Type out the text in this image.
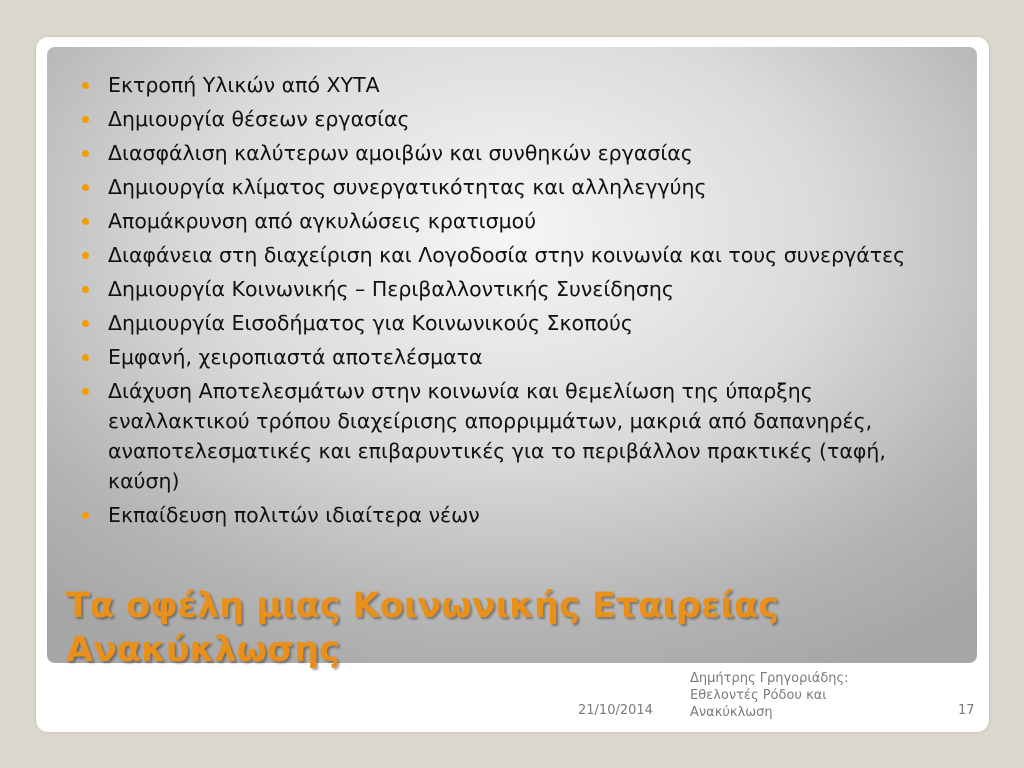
Εκτροπή Υλικών από ΧΥΤΑ
Δημιουργία θέσεων εργασίας
Διασφάλιση καλύτερων αμοιβών και συνθηκών εργασίας
Δημιουργία κλίματος συνεργατικότητας και αλληλεγγύης
Απομάκρυνση από αγκυλώσεις κρατισμού
Διαφάνεια στη διαχείριση και Λογοδοσία στην κοινωνία και τους συνεργάτες
Δημιουργία Κοινωνικής – Περιβαλλοντικής Συνείδησης
Δημιουργία Εισοδήματος για Κοινωνικούς Σκοπούς
Εμφανή, χειροπιαστά αποτελέσματα
Διάχυση Αποτελεσμάτων στην κοινωνία και θεμελίωση της ύπαρξης εναλλακτικού τρόπου διαχείρισης απορριμμάτων, μακριά από δαπανηρές, αναποτελεσματικές και επιβαρυντικές για το περιβάλλον πρακτικές (ταφή, καύση)
Εκπαίδευση πολιτών ιδιαίτερα νέων
Τα οφέλη μιας Κοινωνικής Εταιρείας Ανακύκλωσης
21/10/2014
Δημήτρης Γρηγοριάδης: Εθελοντές Ρόδου και Ανακύκλωση	17
